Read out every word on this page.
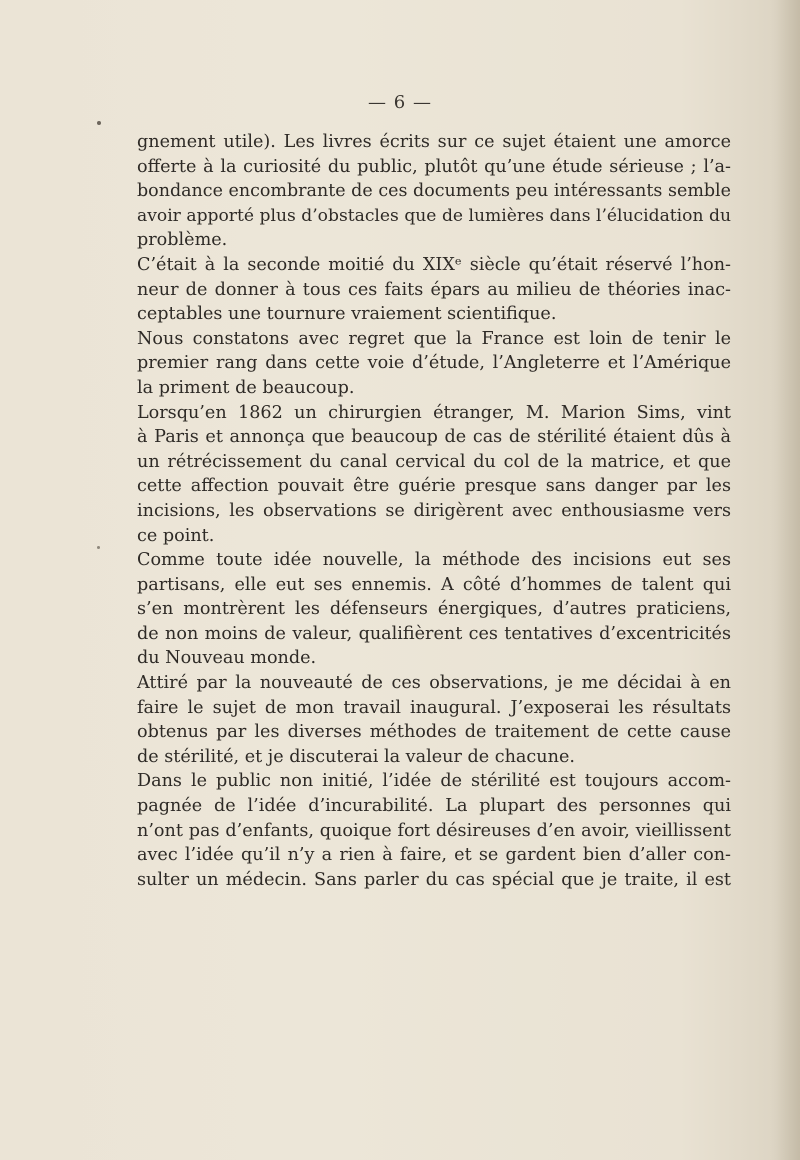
— 6 —
gnement utile). Les livres écrits sur ce sujet étaient une amorce
offerte à la curiosité du public, plutôt qu’une étude sérieuse ; l’a-
bondance encombrante de ces documents peu intéressants semble
avoir apporté plus d’obstacles que de lumières dans l’élucidation du
problème.
C’était à la seconde moitié du XIXᵉ siècle qu’était réservé l’hon-
neur de donner à tous ces faits épars au milieu de théories inac-
ceptables une tournure vraiement scientifique.
Nous constatons avec regret que la France est loin de tenir le
premier rang dans cette voie d’étude, l’Angleterre et l’Amérique
la priment de beaucoup.
Lorsqu’en 1862 un chirurgien étranger, M. Marion Sims, vint
à Paris et annonça que beaucoup de cas de stérilité étaient dûs à
un rétrécissement du canal cervical du col de la matrice, et que
cette affection pouvait être guérie presque sans danger par les
incisions, les observations se dirigèrent avec enthousiasme vers
ce point.
Comme toute idée nouvelle, la méthode des incisions eut ses
partisans, elle eut ses ennemis. A côté d’hommes de talent qui
s’en montrèrent les défenseurs énergiques, d’autres praticiens,
de non moins de valeur, qualifièrent ces tentatives d’excentricités
du Nouveau monde.
Attiré par la nouveauté de ces observations, je me décidai à en
faire le sujet de mon travail inaugural. J’exposerai les résultats
obtenus par les diverses méthodes de traitement de cette cause
de stérilité, et je discuterai la valeur de chacune.
Dans le public non initié, l’idée de stérilité est toujours accom-
pagnée de l’idée d’incurabilité. La plupart des personnes qui
n’ont pas d’enfants, quoique fort désireuses d’en avoir, vieillissent
avec l’idée qu’il n’y a rien à faire, et se gardent bien d’aller con-
sulter un médecin. Sans parler du cas spécial que je traite, il est
